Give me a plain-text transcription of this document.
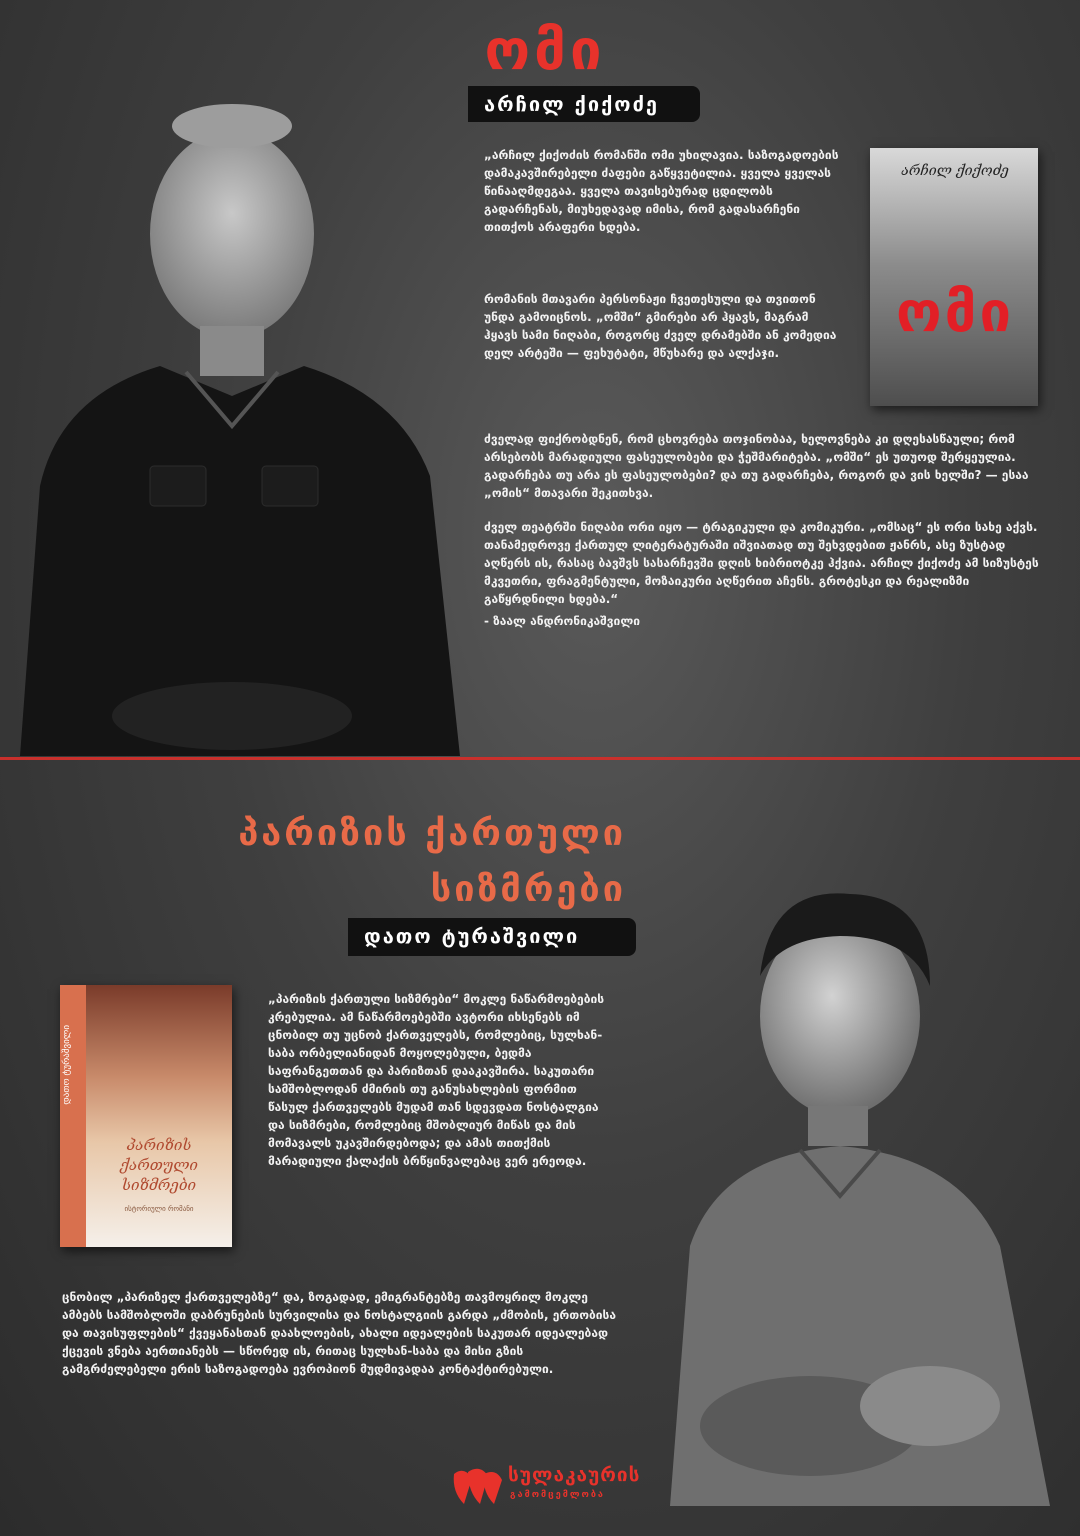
ომი
არჩილ ქიქოძე

„არჩილ ქიქოძის რომანში ომი უხილავია. საზოგადოების დამაკავშირებელი ძაფები გაწყვეტილია. ყველა ყველას წინააღმდეგაა. ყველა თავისებურად ცდილობს გადარჩენას, მიუხედავად იმისა, რომ გადასარჩენი თითქოს არაფერი ხდება.

რომანის მთავარი პერსონაჟი ჩვეთესული და თვითონ უნდა გამოიცნოს. „ომში“ გმირები არ ჰყავს, მაგრამ ჰყავს სამი ნიღაბი, როგორც ძველ დრამებში ან კომედია დელ არტეში — ფეხუტატი, მწუხარე და ალქაჯი.

ძველად ფიქრობდნენ, რომ ცხოვრება თოჯინობაა, ხელოვნება კი დღესასწაული; რომ არსებობს მარადიული ფასეულობები და ჭეშმარიტება. „ომში“ ეს უთუოდ შერყეულია. გადარჩება თუ არა ეს ფასეულობები? და თუ გადარჩება, როგორ და ვის ხელში? — ესაა „ომის“ მთავარი შეკითხვა.

ძველ თეატრში ნიღაბი ორი იყო — ტრაგიკული და კომიკური. „ომსაც“ ეს ორი სახე აქვს. თანამედროვე ქართულ ლიტერატურაში იშვიათად თუ შეხვდებით ჟანრს, ასე ზუსტად აღწერს ის, რასაც ბავშვს სასარჩევში დღის ხიბრიოტკე ჰქვია. არჩილ ქიქოძე ამ სიზუსტეს მკვეთრი, ფრაგმენტული, მოზაიკური აღწერით აჩენს. გროტესკი და რეალიზმი გაწყრდნილი ხდება.“

- ზაალ ანდრონიკაშვილი

არჩილ ქიქოძე
ომი
პარიზის ქართული
სიზმრები
დათო ტურაშვილი
დათო ტურაშვილი
პარიზის ქართული სიზმრები
ისტორიული რომანი

„პარიზის ქართული სიზმრები“ მოკლე ნაწარმოებების კრებულია. ამ ნაწარმოებებში ავტორი იხსენებს იმ ცნობილ თუ უცნობ ქართველებს, რომლებიც, სულხან-საბა ორბელიანიდან მოყოლებული, ბედმა საფრანგეთთან და პარიზთან დააკავშირა. საკუთარი სამშობლოდან ძმირის თუ განუსახლების ფორმით წასულ ქართველებს მუდამ თან სდევდათ ნოსტალგია და სიზმრები, რომლებიც მშობლიურ მიწას და მის მომავალს უკავშირდებოდა; და ამას თითქმის მარადიული ქალაქის ბრწყინვალებაც ვერ ერეოდა.

ცნობილ „პარიზელ ქართველებზე“ და, ზოგადად, ემიგრანტებზე თავმოყრილ მოკლე ამბებს სამშობლოში დაბრუნების სურვილისა და ნოსტალგიის გარდა „ძმობის, ერთობისა და თავისუფლების“ ქვეყანასთან დაახლოების, ახალი იდეალების საკუთარ იდეალებად ქცევის ვნება აერთიანებს — სწორედ ის, რითაც სულხან-საბა და მისი გზის გამგრძელებელი ერის საზოგადოება ევროპიონ მუდმივადაა კონტაქტირებული.

სულაკაურის
გამომცემლობა
